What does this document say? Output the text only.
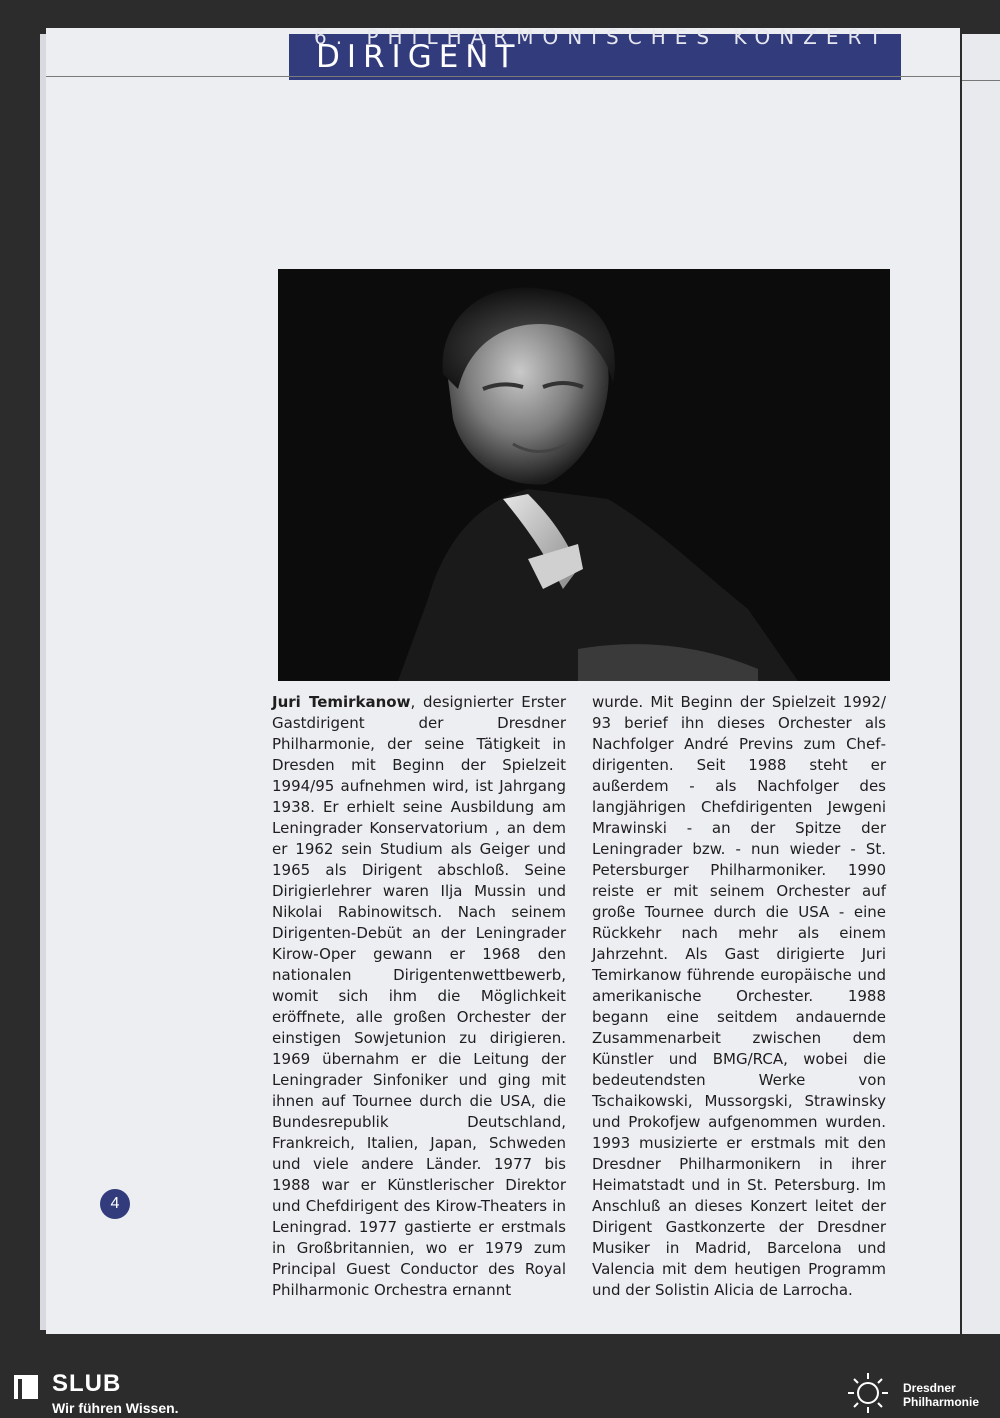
6. PHILHARMONISCHES KONZERT
DIRIGENT
Juri Temirkanow, designierter Erster Gastdirigent der Dresdner Philharmonie, der seine Tätigkeit in Dresden mit Beginn der Spielzeit 1994/95 aufnehmen wird, ist Jahrgang 1938. Er erhielt seine Ausbildung am Leningrader Konservatorium , an dem er 1962 sein Studium als Geiger und 1965 als Dirigent abschloß. Seine Dirigierlehrer waren Ilja Mussin und Nikolai Rabinowitsch. Nach seinem Dirigenten-Debüt an der Leningrader Kirow-Oper gewann er 1968 den nationalen Dirigentenwettbewerb, womit sich ihm die Möglichkeit eröffnete, alle großen Orchester der einstigen Sowjetunion zu dirigieren. 1969 übernahm er die Leitung der Leningrader Sinfoniker und ging mit ihnen auf Tournee durch die USA, die Bundesrepublik Deutschland, Frankreich, Italien, Japan, Schweden und viele andere Länder. 1977 bis 1988 war er Künstlerischer Direktor und Chefdirigent des Kirow-Theaters in Leningrad. 1977 gastierte er erstmals in Großbritannien, wo er 1979 zum Principal Guest Conductor des Royal Philharmonic Orchestra ernannt
wurde. Mit Beginn der Spielzeit 1992/ 93 berief ihn dieses Orchester als Nachfolger André Previns zum Chefdirigenten. Seit 1988 steht er außerdem - als Nachfolger des langjährigen Chefdirigenten Jewgeni Mrawinski - an der Spitze der Leningrader bzw. - nun wieder - St. Petersburger Philharmoniker. 1990 reiste er mit seinem Orchester auf große Tournee durch die USA - eine Rückkehr nach mehr als einem Jahrzehnt. Als Gast dirigierte Juri Temirkanow führende europäische und amerikanische Orchester. 1988 begann eine seitdem andauernde Zusammenarbeit zwischen dem Künstler und BMG/RCA, wobei die bedeutendsten Werke von Tschaikowski, Mussorgski, Strawinsky und Prokofjew aufgenommen wurden. 1993 musizierte er erstmals mit den Dresdner Philharmonikern in ihrer Heimatstadt und in St. Petersburg. Im Anschluß an dieses Konzert leitet der Dirigent Gastkonzerte der Dresdner Musiker in Madrid, Barcelona und Valencia mit dem heutigen Programm und der Solistin Alicia de Larrocha.
4
SLUB
Wir führen Wissen.
Dresdner
Philharmonie
